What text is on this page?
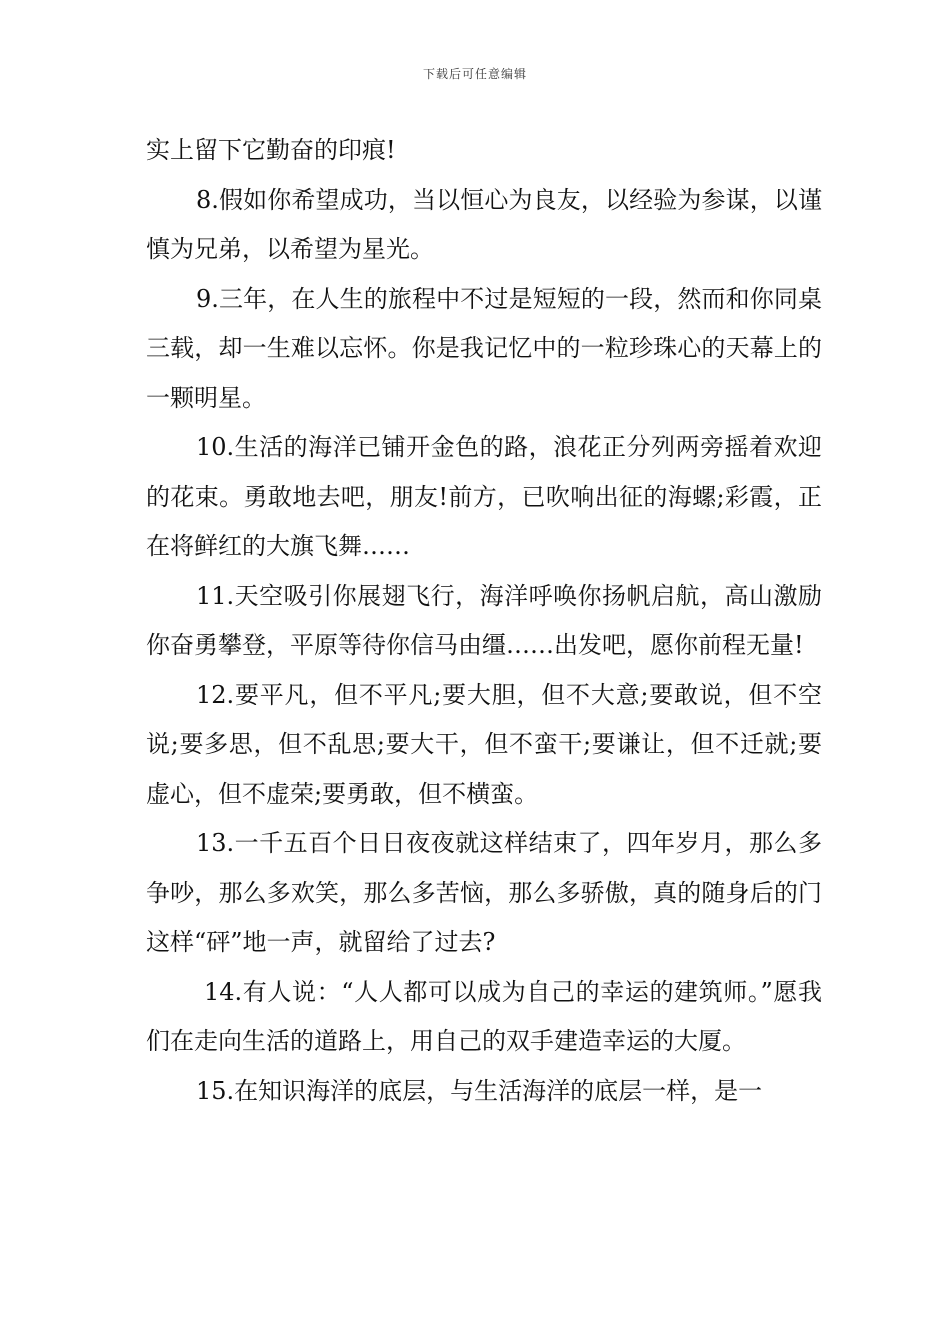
下载后可任意编辑

实上留下它勤奋的印痕!

8.假如你希望成功，当以恒心为良友，以经验为参谋，以谨慎为兄弟，以希望为星光。

9.三年，在人生的旅程中不过是短短的一段，然而和你同桌三载，却一生难以忘怀。你是我记忆中的一粒珍珠心的天幕上的一颗明星。

10.生活的海洋已铺开金色的路，浪花正分列两旁摇着欢迎的花束。勇敢地去吧，朋友!前方，已吹响出征的海螺;彩霞，正在将鲜红的大旗飞舞……

11.天空吸引你展翅飞行，海洋呼唤你扬帆启航，高山激励你奋勇攀登，平原等待你信马由缰……出发吧，愿你前程无量!

12.要平凡，但不平凡;要大胆，但不大意;要敢说，但不空说;要多思，但不乱思;要大干，但不蛮干;要谦让，但不迁就;要虚心，但不虚荣;要勇敢，但不横蛮。

13.一千五百个日日夜夜就这样结束了，四年岁月，那么多争吵，那么多欢笑，那么多苦恼，那么多骄傲，真的随身后的门这样“砰”地一声，就留给了过去?

14.有人说：“人人都可以成为自己的幸运的建筑师。”愿我们在走向生活的道路上，用自己的双手建造幸运的大厦。

15.在知识海洋的底层，与生活海洋的底层一样，是一
